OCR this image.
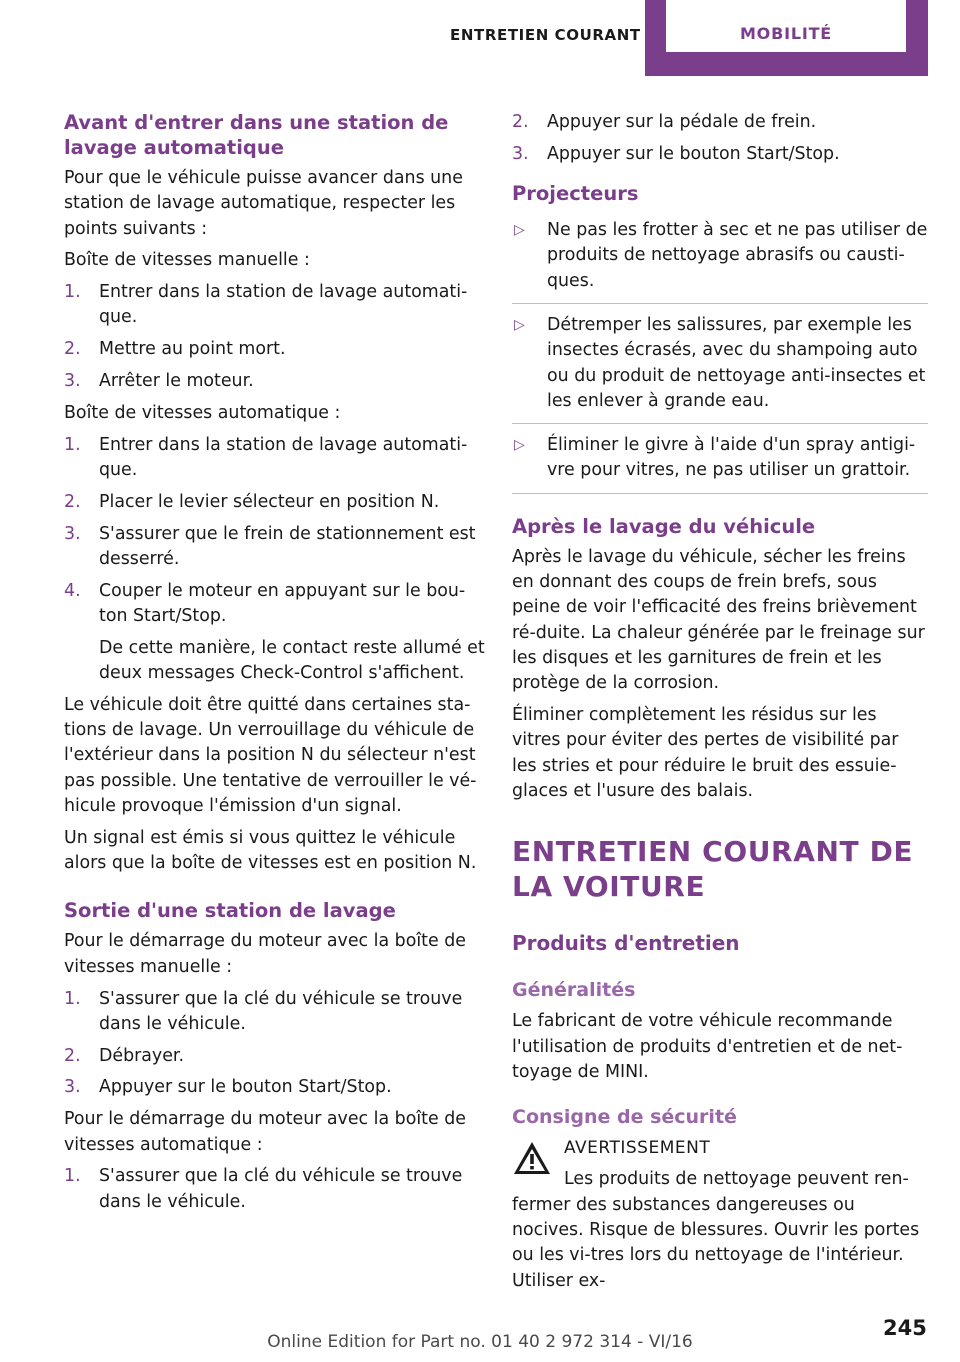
ENTRETIEN COURANT	MOBILITÉ
Avant d'entrer dans une station de lavage automatique

Pour que le véhicule puisse avancer dans une station de lavage automatique, respecter les points suivants :

Boîte de vitesses manuelle :

1. Entrer dans la station de lavage automati‐que.
2. Mettre au point mort.
3. Arrêter le moteur.

Boîte de vitesses automatique :

1. Entrer dans la station de lavage automati‐que.
2. Placer le levier sélecteur en position N.
3. S'assurer que le frein de stationnement est desserré.
4. Couper le moteur en appuyant sur le bou‐ton Start/Stop.
De cette manière, le contact reste allumé et deux messages Check-Control s'affichent.

Le véhicule doit être quitté dans certaines sta‐tions de lavage. Un verrouillage du véhicule de l'extérieur dans la position N du sélecteur n'est pas possible. Une tentative de verrouiller le vé‐hicule provoque l'émission d'un signal.

Un signal est émis si vous quittez le véhicule alors que la boîte de vitesses est en position N.

Sortie d'une station de lavage

Pour le démarrage du moteur avec la boîte de vitesses manuelle :

1. S'assurer que la clé du véhicule se trouve dans le véhicule.
2. Débrayer.
3. Appuyer sur le bouton Start/Stop.

Pour le démarrage du moteur avec la boîte de vitesses automatique :

1. S'assurer que la clé du véhicule se trouve dans le véhicule.
2. Appuyer sur la pédale de frein.
3. Appuyer sur le bouton Start/Stop.
Projecteurs
▷ Ne pas les frotter à sec et ne pas utiliser de produits de nettoyage abrasifs ou causti‐ques.
▷ Détremper les salissures, par exemple les insectes écrasés, avec du shampoing auto ou du produit de nettoyage anti-insectes et les enlever à grande eau.
▷ Éliminer le givre à l'aide d'un spray antigi‐vre pour vitres, ne pas utiliser un grattoir.
Après le lavage du véhicule

Après le lavage du véhicule, sécher les freins en donnant des coups de frein brefs, sous peine de voir l'efficacité des freins brièvement ré‐duite. La chaleur générée par le freinage sur les disques et les garnitures de frein et les protège de la corrosion.

Éliminer complètement les résidus sur les vitres pour éviter des pertes de visibilité par les stries et pour réduire le bruit des essuie-glaces et l'usure des balais.

ENTRETIEN COURANT DE LA VOITURE
Produits d'entretien
Généralités

Le fabricant de votre véhicule recommande l'utilisation de produits d'entretien et de net‐toyage de MINI.

Consigne de sécurité
AVERTISSEMENT

Les produits de nettoyage peuvent ren‐fermer des substances dangereuses ou nocives. Risque de blessures. Ouvrir les portes ou les vi‐tres lors du nettoyage de l'intérieur. Utiliser ex‐

245
Online Edition for Part no. 01 40 2 972 314 - VI/16
